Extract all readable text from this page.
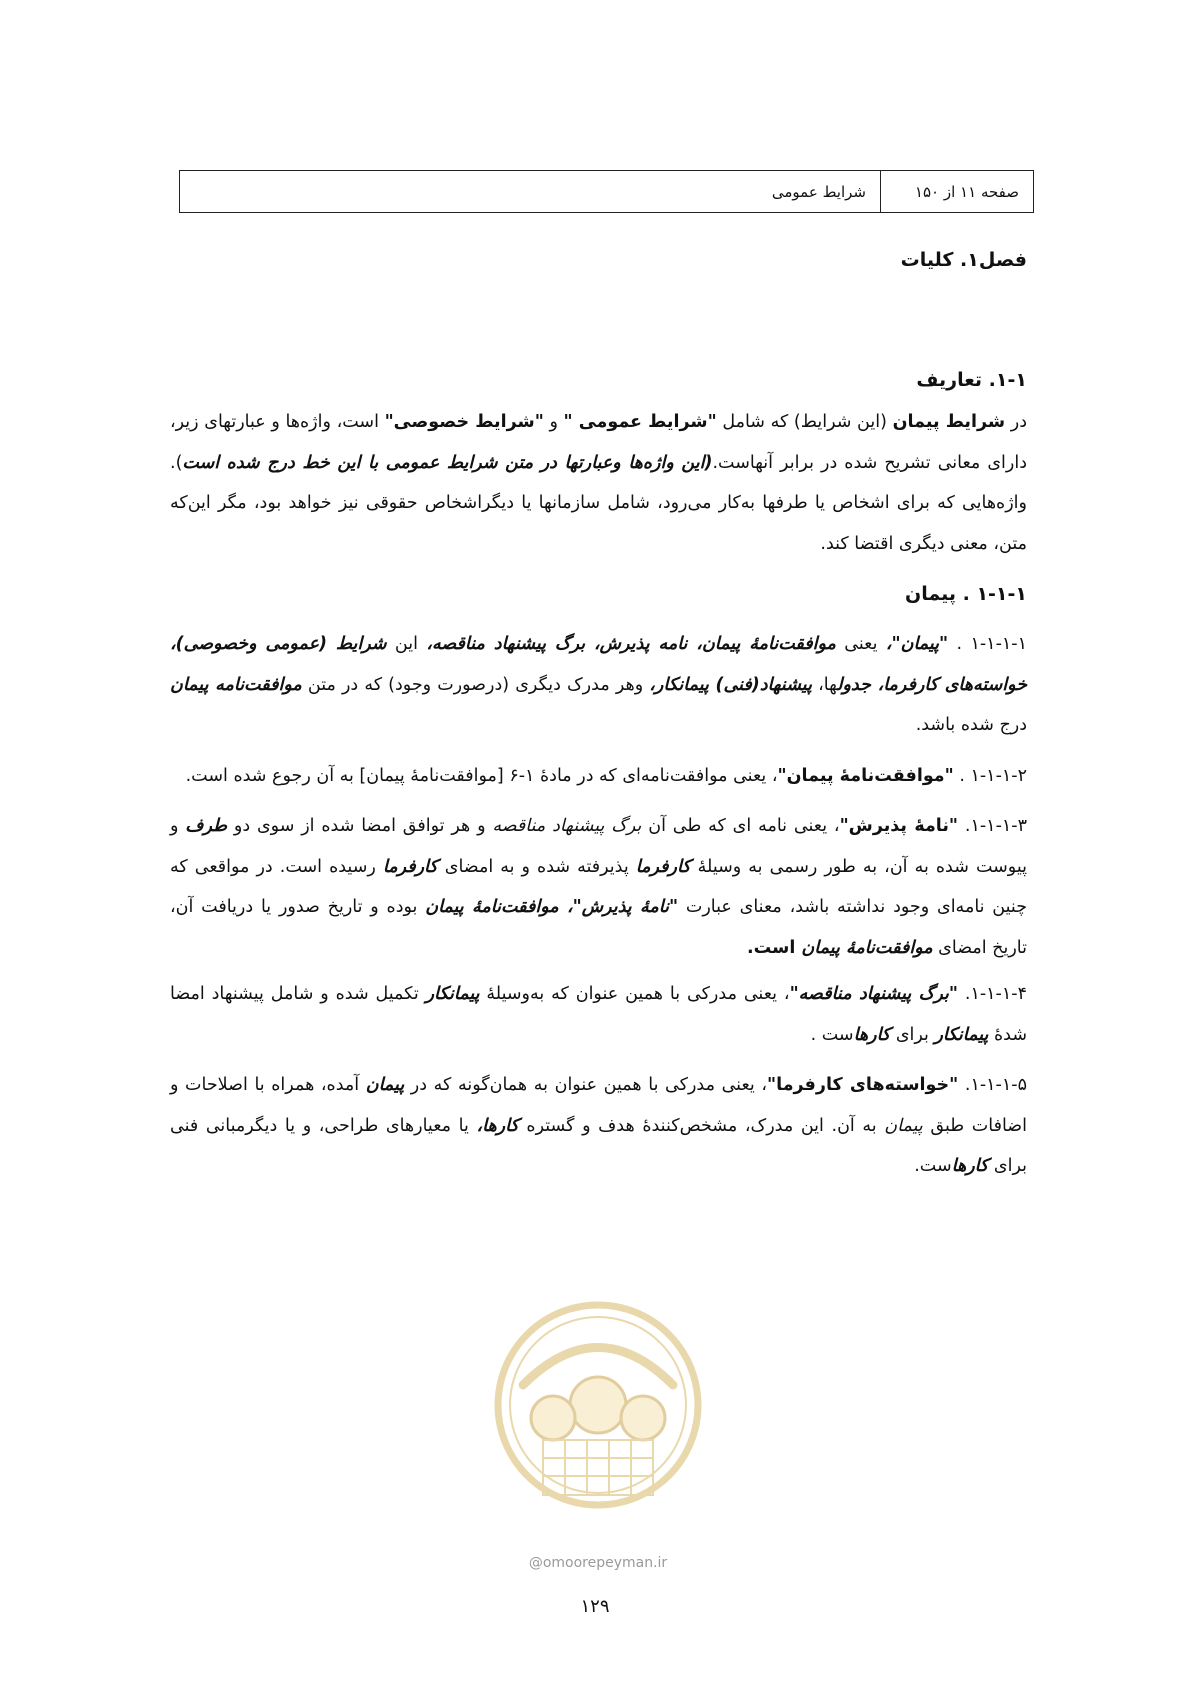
صفحه ۱۱ از ۱۵۰
شرایط عمومی
فصل۱. کلیات
۱-۱. تعاریف

در شرایط پیمان (این شرایط) که شامل "شرایط عمومی " و "شرایط خصوصی" است، واژه‌ها و عبارتهای زیر، دارای معانی تشریح شده در برابر آنهاست.(این واژه‌ها وعبارتها در متن شرایط عمومی با این خط درج شده است). واژه‌هایی که برای اشخاص یا طرفها به‌کار می‌رود، شامل سازمانها یا دیگراشخاص حقوقی نیز خواهد بود، مگر این‌که متن، معنی دیگری اقتضا کند.

۱-۱-۱ . پیمان

۱-۱-۱-۱ . "پیمان"، یعنی موافقت‌نامهٔ پیمان، نامه پذیرش، برگ پیشنهاد مناقصه، این شرایط (عمومی وخصوصی)، خواسته‌های کارفرما، جدولها، پیشنهاد(فنی) پیمانکار، وهر مدرک دیگری (درصورت وجود) که در متن موافقت‌نامه پیمان درج شده باشد.

۱-۱-۱-۲ . "موافقت‌نامهٔ پیمان"، یعنی موافقت‌نامه‌ای که در مادهٔ ۱-۶ [موافقت‌نامهٔ پیمان] به آن رجوع شده است.

۱-۱-۱-۳. "نامهٔ پذیرش"، یعنی نامه ای که طی آن برگ پیشنهاد مناقصه و هر توافق امضا شده از سوی دو طرف و پیوست شده به آن، به طور رسمی به وسیلهٔ کارفرما پذیرفته شده و به امضای کارفرما رسیده است. در مواقعی که چنین نامه‌ای وجود نداشته باشد، معنای عبارت "نامهٔ پذیرش"، موافقت‌نامهٔ پیمان بوده و تاریخ صدور یا دریافت آن، تاریخ امضای موافقت‌نامهٔ پیمان است.

۱-۱-۱-۴. "برگ پیشنهاد مناقصه"، یعنی مدرکی با همین عنوان که به‌وسیلهٔ پیمانکار تکمیل شده و شامل پیشنهاد امضا شدهٔ پیمانکار برای کارهاست .

۱-۱-۱-۵. "خواسته‌های کارفرما"، یعنی مدرکی با همین عنوان به همان‌گونه که در پیمان آمده، همراه با اصلاحات و اضافات طبق پیمان به آن. این مدرک، مشخص‌کنندهٔ هدف و گستره کارها، یا معیارهای طراحی، و یا دیگرمبانی فنی برای کارهاست.

@omoorepeyman.ir
۱۲۹
